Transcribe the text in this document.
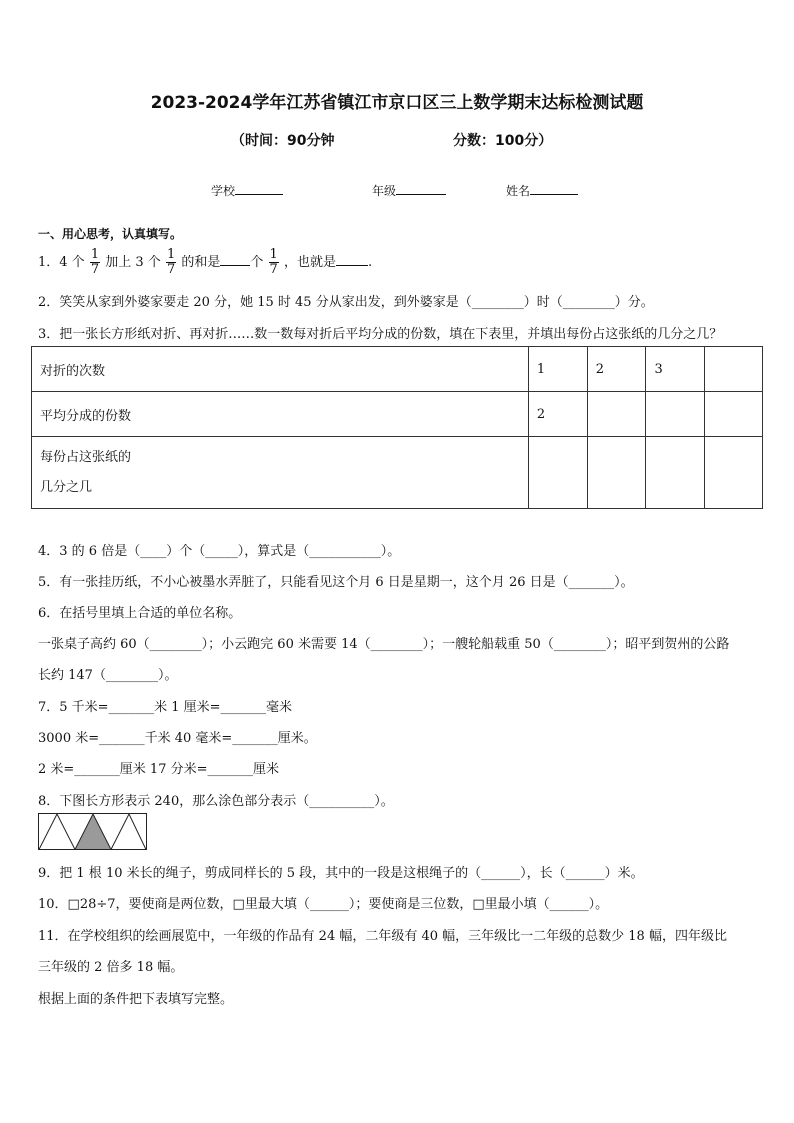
2023-2024学年江苏省镇江市京口区三上数学期末达标检测试题
（时间：90分钟	分数：100分）
学校	年级	姓名
一、用心思考，认真填写。
1．4 个 $\frac{1}{7}$ 加上 3 个 $\frac{1}{7}$ 的和是 个 $\frac{1}{7}$ ，也就是 .
2．笑笑从家到外婆家要走 20 分，她 15 时 45 分从家出发，到外婆家是（________）时（________）分。
3．把一张长方形纸对折、再对折……数一数每对折后平均分成的份数，填在下表里，并填出每份占这张纸的几分之几？
对折的次数	1	2	3	
平均分成的份数	2			

每份占这张纸的
几分之几				

4．3 的 6 倍是（____）个（_____），算式是（___________）。
5．有一张挂历纸，不小心被墨水弄脏了，只能看见这个月 6 日是星期一，这个月 26 日是（_______）。
6．在括号里填上合适的单位名称。
一张桌子高约 60（________）；小云跑完 60 米需要 14（________）；一艘轮船载重 50（________）；昭平到贺州的公路
长约 147（________）。
7．5 千米=_______米 1 厘米=_______毫米
3000 米=_______千米 40 毫米=_______厘米。
2 米=_______厘米 17 分米=_______厘米
8．下图长方形表示 240，那么涂色部分表示（__________）。
9．把 1 根 10 米长的绳子，剪成同样长的 5 段，其中的一段是这根绳子的（______），长（______）米。
10．□28÷7，要使商是两位数，□里最大填（______）；要使商是三位数，□里最小填（______）。
11．在学校组织的绘画展览中，一年级的作品有 24 幅，二年级有 40 幅，三年级比一二年级的总数少 18 幅，四年级比
三年级的 2 倍多 18 幅。
根据上面的条件把下表填写完整。
